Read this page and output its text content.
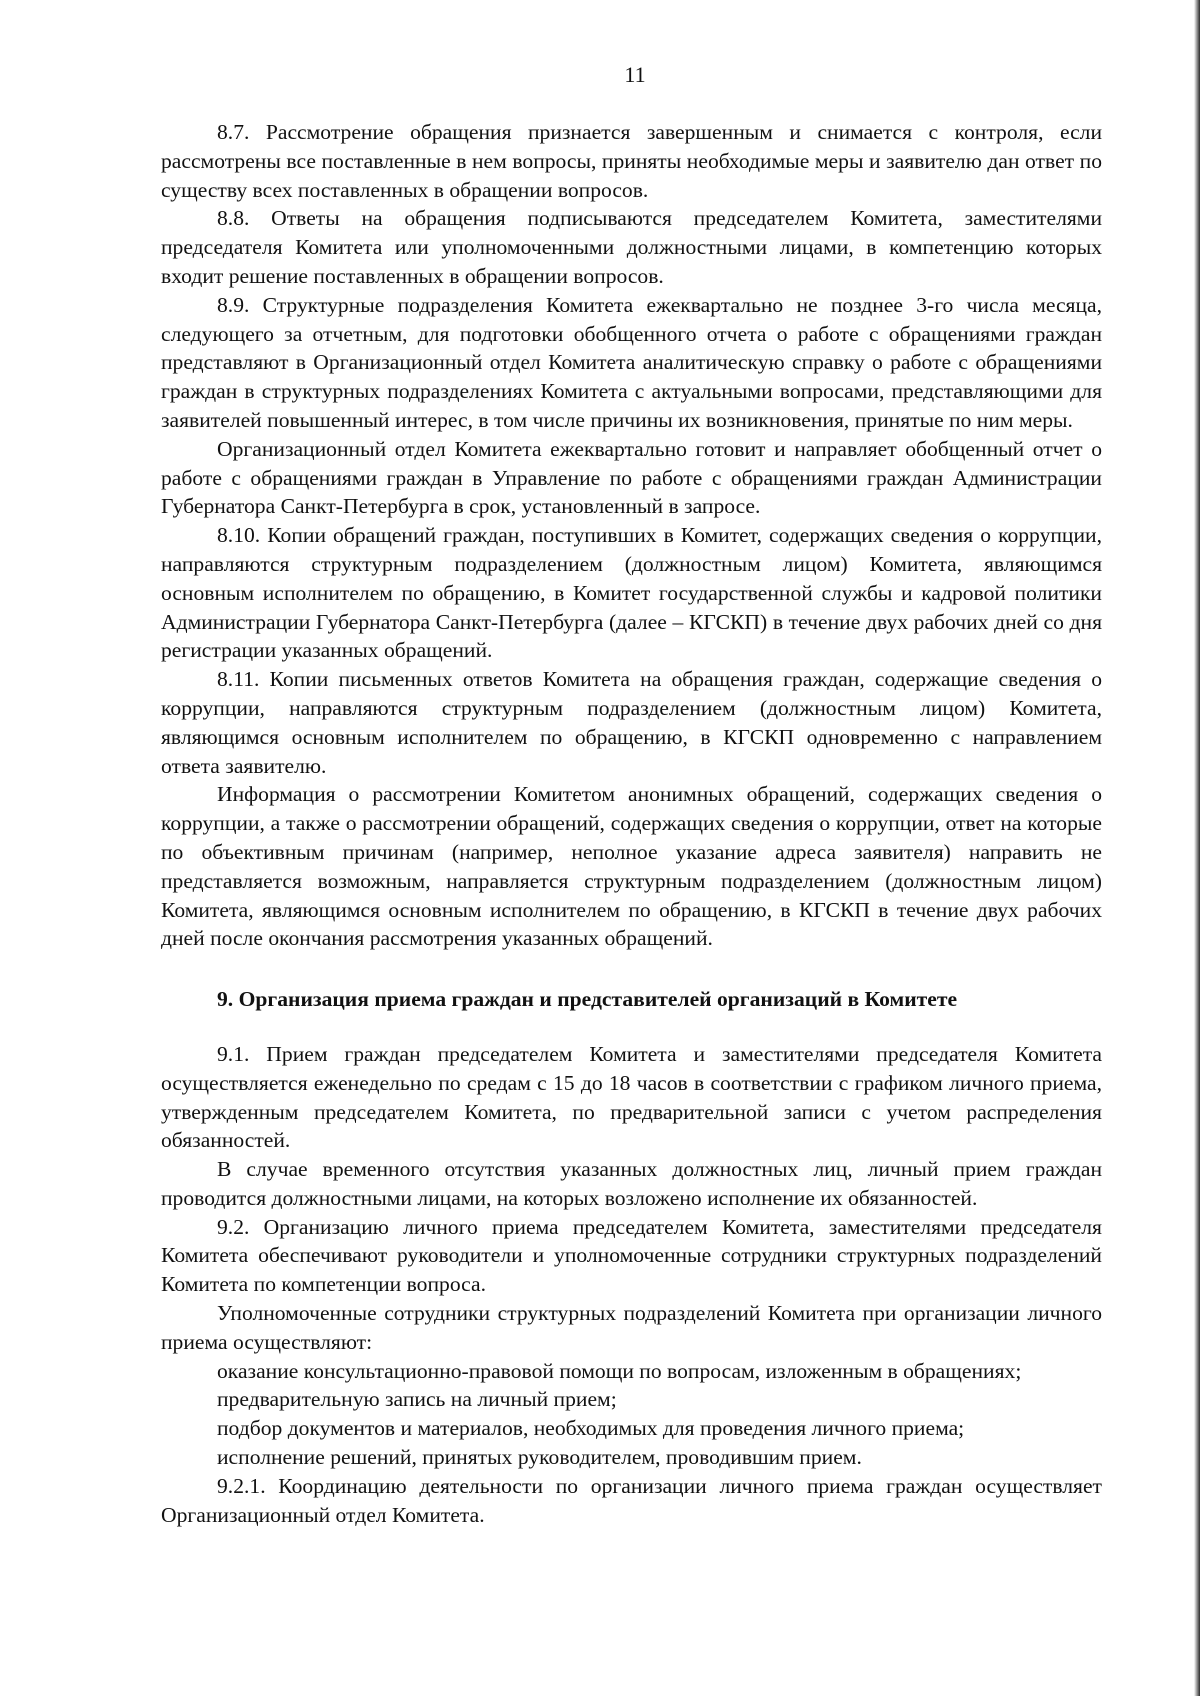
11

8.7. Рассмотрение обращения признается завершенным и снимается с контроля, если рассмотрены все поставленные в нем вопросы, приняты необходимые меры и заявителю дан ответ по существу всех поставленных в обращении вопросов.

8.8. Ответы на обращения подписываются председателем Комитета, заместителями председателя Комитета или уполномоченными должностными лицами, в компетенцию которых входит решение поставленных в обращении вопросов.

8.9. Структурные подразделения Комитета ежеквартально не позднее 3-го числа месяца, следующего за отчетным, для подготовки обобщенного отчета о работе с обращениями граждан представляют в Организационный отдел Комитета аналитическую справку о работе с обращениями граждан в структурных подразделениях Комитета с актуальными вопросами, представляющими для заявителей повышенный интерес, в том числе причины их возникновения, принятые по ним меры.

Организационный отдел Комитета ежеквартально готовит и направляет обобщенный отчет о работе с обращениями граждан в Управление по работе с обращениями граждан Администрации Губернатора Санкт-Петербурга в срок, установленный в запросе.

8.10. Копии обращений граждан, поступивших в Комитет, содержащих сведения о коррупции, направляются структурным подразделением (должностным лицом) Комитета, являющимся основным исполнителем по обращению, в Комитет государственной службы и кадровой политики Администрации Губернатора Санкт-Петербурга (далее – КГСКП) в течение двух рабочих дней со дня регистрации указанных обращений.

8.11. Копии письменных ответов Комитета на обращения граждан, содержащие сведения о коррупции, направляются структурным подразделением (должностным лицом) Комитета, являющимся основным исполнителем по обращению, в КГСКП одновременно с направлением ответа заявителю.

Информация о рассмотрении Комитетом анонимных обращений, содержащих сведения о коррупции, а также о рассмотрении обращений, содержащих сведения о коррупции, ответ на которые по объективным причинам (например, неполное указание адреса заявителя) направить не представляется возможным, направляется структурным подразделением (должностным лицом) Комитета, являющимся основным исполнителем по обращению, в КГСКП в течение двух рабочих дней после окончания рассмотрения указанных обращений.

9. Организация приема граждан и представителей организаций в Комитете

9.1. Прием граждан председателем Комитета и заместителями председателя Комитета осуществляется еженедельно по средам с 15 до 18 часов в соответствии с графиком личного приема, утвержденным председателем Комитета, по предварительной записи с учетом распределения обязанностей.

В случае временного отсутствия указанных должностных лиц, личный прием граждан проводится должностными лицами, на которых возложено исполнение их обязанностей.

9.2. Организацию личного приема председателем Комитета, заместителями председателя Комитета обеспечивают руководители и уполномоченные сотрудники структурных подразделений Комитета по компетенции вопроса.

Уполномоченные сотрудники структурных подразделений Комитета при организации личного приема осуществляют:

оказание консультационно-правовой помощи по вопросам, изложенным в обращениях;

предварительную запись на личный прием;

подбор документов и материалов, необходимых для проведения личного приема;

исполнение решений, принятых руководителем, проводившим прием.

9.2.1. Координацию деятельности по организации личного приема граждан осуществляет Организационный отдел Комитета.
